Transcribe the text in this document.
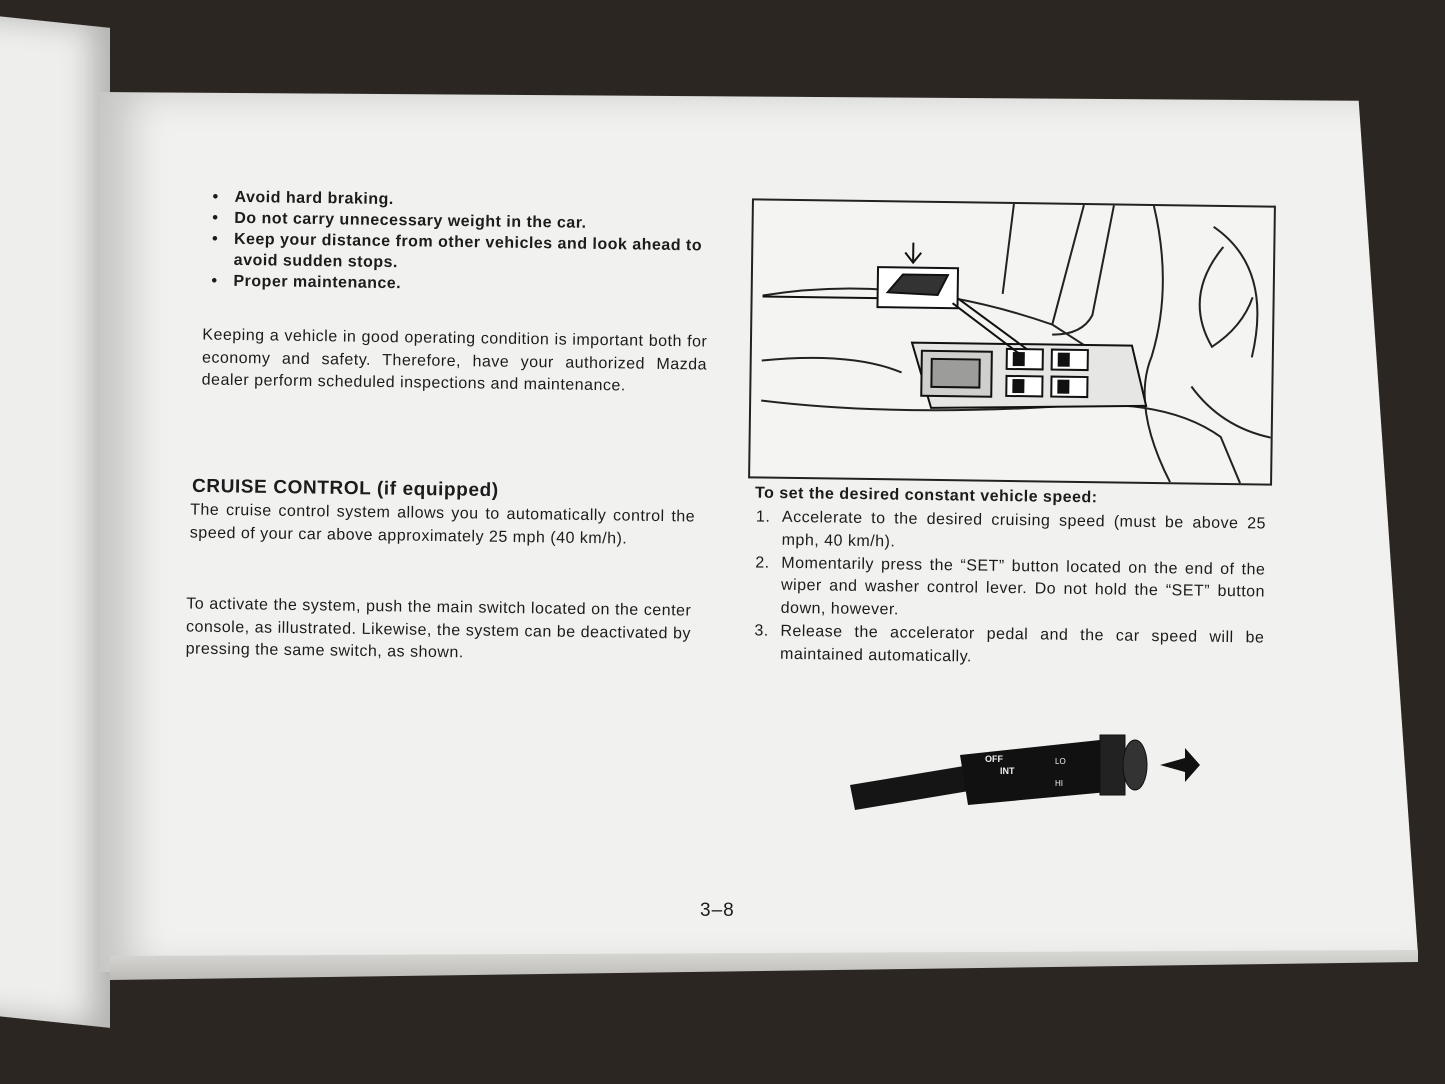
• Avoid hard braking.
• Do not carry unnecessary weight in the car.
• Keep your distance from other vehicles and look ahead to avoid sudden stops.
• Proper maintenance.

Keeping a vehicle in good operating condition is important both for economy and safety. Therefore, have your authorized Mazda dealer perform scheduled inspections and maintenance.

CRUISE CONTROL (if equipped)

The cruise control system allows you to automatically control the speed of your car above approximately 25 mph (40 km/h).

To activate the system, push the main switch located on the center console, as illustrated. Likewise, the system can be deactivated by pressing the same switch, as shown.

To set the desired constant vehicle speed:

1. Accelerate to the desired cruising speed (must be above 25 mph, 40 km/h).
2. Momentarily press the “SET” button located on the end of the wiper and washer control lever. Do not hold the “SET” button down, however.
3. Release the accelerator pedal and the car speed will be maintained automatically.
OFF
INT
LO
HI
3–8
